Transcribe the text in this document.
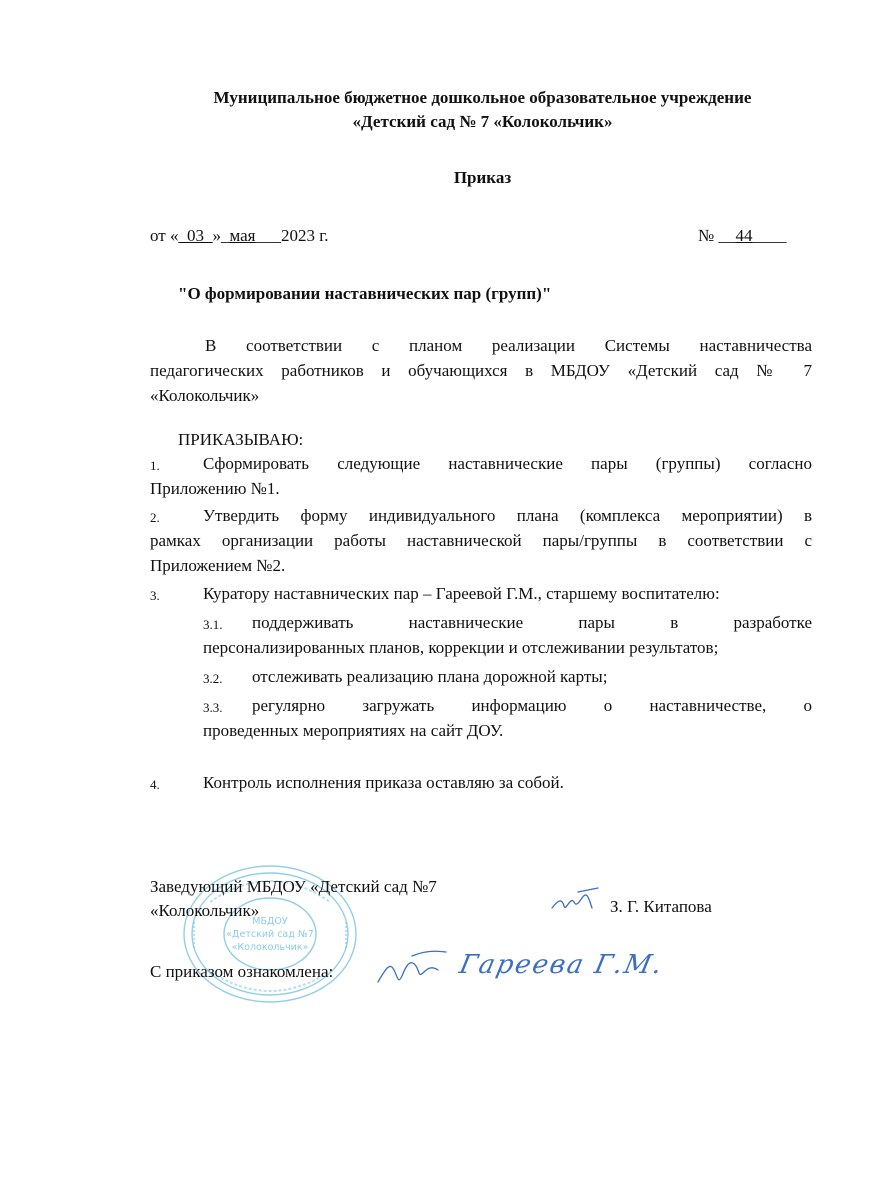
Муниципальное бюджетное дошкольное образовательное учреждение
«Детский сад № 7 «Колокольчик»
Приказ
от «_03_»_мая___2023 г.	№ __44____
"О формировании наставнических пар (групп)"
В соответствии с планом реализации Системы наставничества
педагогических работников и обучающихся в МБДОУ «Детский сад № 7
«Колокольчик»
ПРИКАЗЫВАЮ:
1.	Сформировать следующие наставнические пары (группы) согласно
Приложению №1.
2.	Утвердить форму индивидуального плана (комплекса мероприятии) в
рамках организации работы наставнической пары/группы в соответствии с
Приложением №2.
3.	Куратору наставнических пар – Гареевой Г.М., старшему воспитателю:
3.1. поддерживать наставнические пары в разработке
персонализированных планов, коррекции и отслеживании результатов;
3.2. отслеживать реализацию плана дорожной карты;
3.3. регулярно загружать информацию о наставничестве, о
проведенных мероприятиях на сайт ДОУ.
4.	Контроль исполнения приказа оставляю за собой.
МБДОУ
«Детский сад №7
«Колокольчик»
Заведующий МБДОУ «Детский сад №7
«Колокольчик»	З. Г. Китапова
С приказом ознакомлена:	Гареева Г.М.
